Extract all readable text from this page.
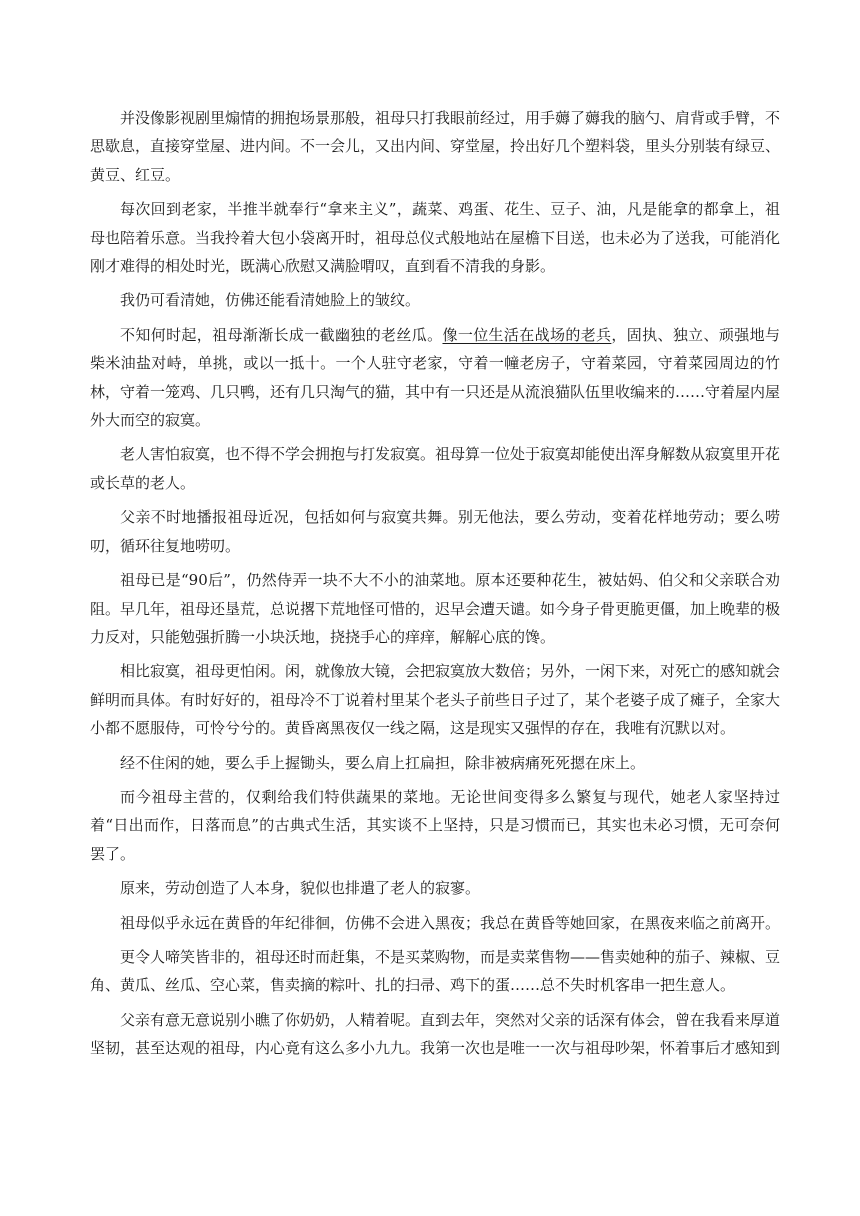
并没像影视剧里煽情的拥抱场景那般，祖母只打我眼前经过，用手薅了薅我的脑勺、肩背或手臂，不思歇息，直接穿堂屋、进内间。不一会儿，又出内间、穿堂屋，拎出好几个塑料袋，里头分别装有绿豆、黄豆、红豆。

每次回到老家，半推半就奉行“拿来主义”，蔬菜、鸡蛋、花生、豆子、油，凡是能拿的都拿上，祖母也陪着乐意。当我拎着大包小袋离开时，祖母总仪式般地站在屋檐下目送，也未必为了送我，可能消化刚才难得的相处时光，既满心欣慰又满脸喟叹，直到看不清我的身影。

我仍可看清她，仿佛还能看清她脸上的皱纹。

不知何时起，祖母渐渐长成一截幽独的老丝瓜。像一位生活在战场的老兵，固执、独立、顽强地与柴米油盐对峙，单挑，或以一抵十。一个人驻守老家，守着一幢老房子，守着菜园，守着菜园周边的竹林，守着一笼鸡、几只鸭，还有几只淘气的猫，其中有一只还是从流浪猫队伍里收编来的……守着屋内屋外大而空的寂寞。

老人害怕寂寞，也不得不学会拥抱与打发寂寞。祖母算一位处于寂寞却能使出浑身解数从寂寞里开花或长草的老人。

父亲不时地播报祖母近况，包括如何与寂寞共舞。别无他法，要么劳动，变着花样地劳动；要么唠叨，循环往复地唠叨。

祖母已是“90后”，仍然侍弄一块不大不小的油菜地。原本还要种花生，被姑妈、伯父和父亲联合劝阻。早几年，祖母还垦荒，总说撂下荒地怪可惜的，迟早会遭天谴。如今身子骨更脆更僵，加上晚辈的极力反对，只能勉强折腾一小块沃地，挠挠手心的痒痒，解解心底的馋。

相比寂寞，祖母更怕闲。闲，就像放大镜，会把寂寞放大数倍；另外，一闲下来，对死亡的感知就会鲜明而具体。有时好好的，祖母冷不丁说着村里某个老头子前些日子过了，某个老婆子成了瘫子，全家大小都不愿服侍，可怜兮兮的。黄昏离黑夜仅一线之隔，这是现实又强悍的存在，我唯有沉默以对。

经不住闲的她，要么手上握锄头，要么肩上扛扁担，除非被病痛死死摁在床上。

而今祖母主营的，仅剩给我们特供蔬果的菜地。无论世间变得多么繁复与现代，她老人家坚持过着“日出而作，日落而息”的古典式生活，其实谈不上坚持，只是习惯而已，其实也未必习惯，无可奈何罢了。

原来，劳动创造了人本身，貌似也排遣了老人的寂寥。

祖母似乎永远在黄昏的年纪徘徊，仿佛不会进入黑夜；我总在黄昏等她回家，在黑夜来临之前离开。

更令人啼笑皆非的，祖母还时而赶集，不是买菜购物，而是卖菜售物——售卖她种的茄子、辣椒、豆角、黄瓜、丝瓜、空心菜，售卖摘的粽叶、扎的扫帚、鸡下的蛋……总不失时机客串一把生意人。

父亲有意无意说别小瞧了你奶奶，人精着呢。直到去年，突然对父亲的话深有体会，曾在我看来厚道坚韧，甚至达观的祖母，内心竟有这么多小九九。我第一次也是唯一一次与祖母吵架，怀着事后才感知到
